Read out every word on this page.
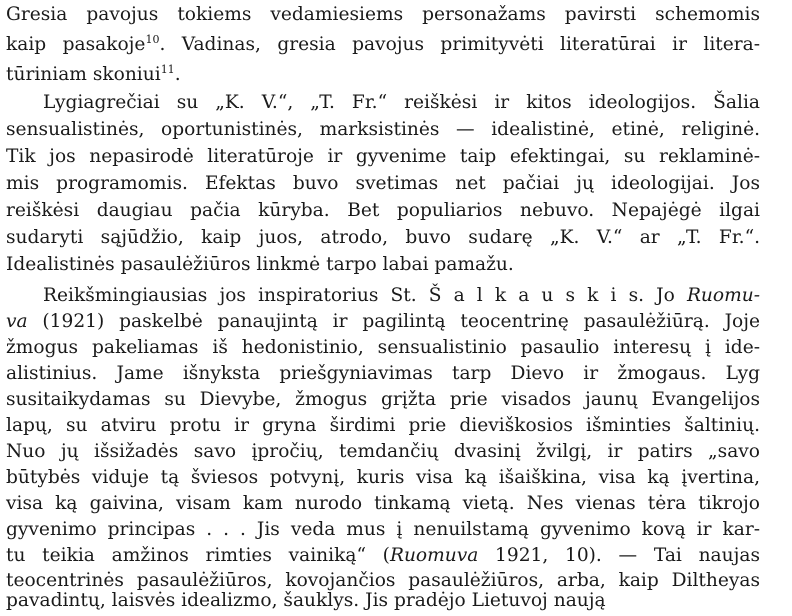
Gresia pavojus tokiems vedamiesiems personažams pavirsti schemomis
kaip pasakoje$^{10}$. Vadinas, gresia pavojus primityvėti literatūrai ir litera-
tūriniam skoniui$^{11}$.
Lygiagrečiai su „K. V.“, „T. Fr.“ reiškėsi ir kitos ideologijos. Šalia
sensualistinės, oportunistinės, marksistinės — idealistinė, etinė, religinė.
Tik jos nepasirodė literatūroje ir gyvenime taip efektingai, su reklaminė-
mis programomis. Efektas buvo svetimas net pačiai jų ideologijai. Jos
reiškėsi daugiau pačia kūryba. Bet populiarios nebuvo. Nepajėgė ilgai
sudaryti sąjūdžio, kaip juos, atrodo, buvo sudarę „K. V.“ ar „T. Fr.“.
Idealistinės pasaulėžiūros linkmė tarpo labai pamažu.
Reikšmingiausias jos inspiratorius St. Š a l k a u s k i s. Jo Ruomu-
va (1921) paskelbė panaujintą ir pagilintą teocentrinę pasaulėžiūrą. Joje
žmogus pakeliamas iš hedonistinio, sensualistinio pasaulio interesų į ide-
alistinius. Jame išnyksta priešgyniavimas tarp Dievo ir žmogaus. Lyg
susitaikydamas su Dievybe, žmogus grįžta prie visados jaunų Evangelijos
lapų, su atviru protu ir gryna širdimi prie dieviškosios išminties šaltinių.
Nuo jų išsižadės savo įpročių, temdančių dvasinį žvilgį, ir patirs „savo
būtybės viduje tą šviesos potvynį, kuris visa ką išaiškina, visa ką įvertina,
visa ką gaivina, visam kam nurodo tinkamą vietą. Nes vienas tėra tikrojo
gyvenimo principas . . . Jis veda mus į nenuilstamą gyvenimo kovą ir kar-
tu teikia amžinos rimties vainiką“ (Ruomuva 1921, 10). — Tai naujas
teocentrinės pasaulėžiūros, kovojančios pasaulėžiūros, arba, kaip Diltheyas
pavadintų, laisvės idealizmo, šauklys. Jis pradėjo Lietuvoj naują
